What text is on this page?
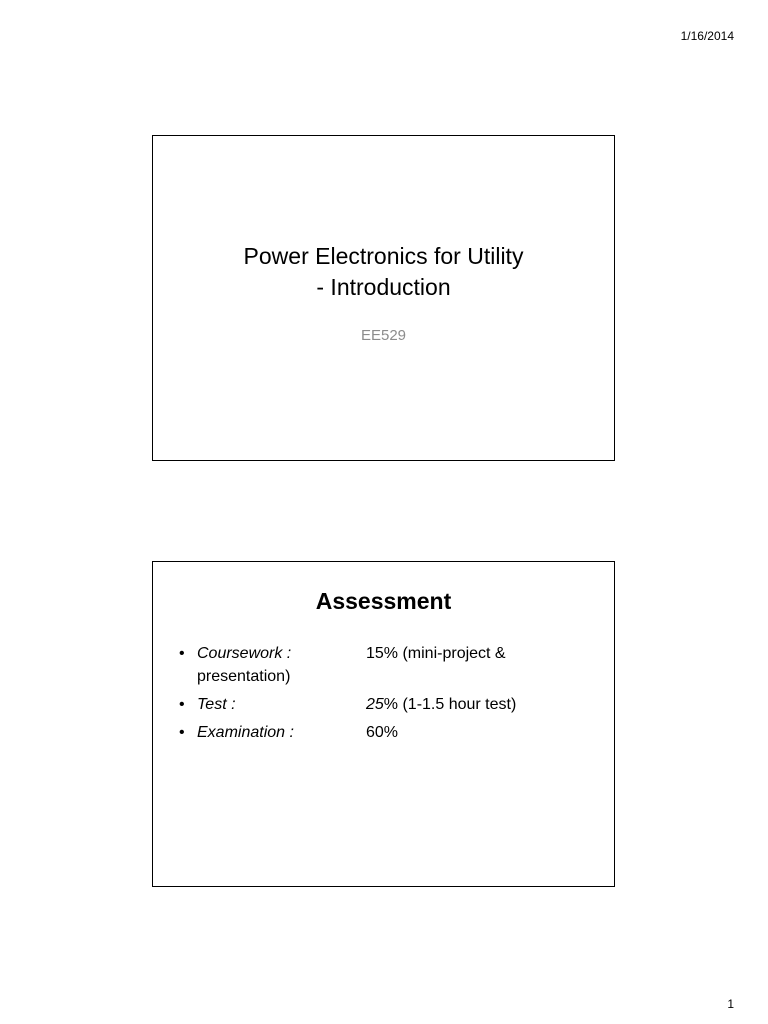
1/16/2014
Power Electronics for Utility
- Introduction
EE529
Assessment
• Coursework :	15% (mini-project &
presentation)
• Test :	25% (1-1.5 hour test)
• Examination :	60%
1
